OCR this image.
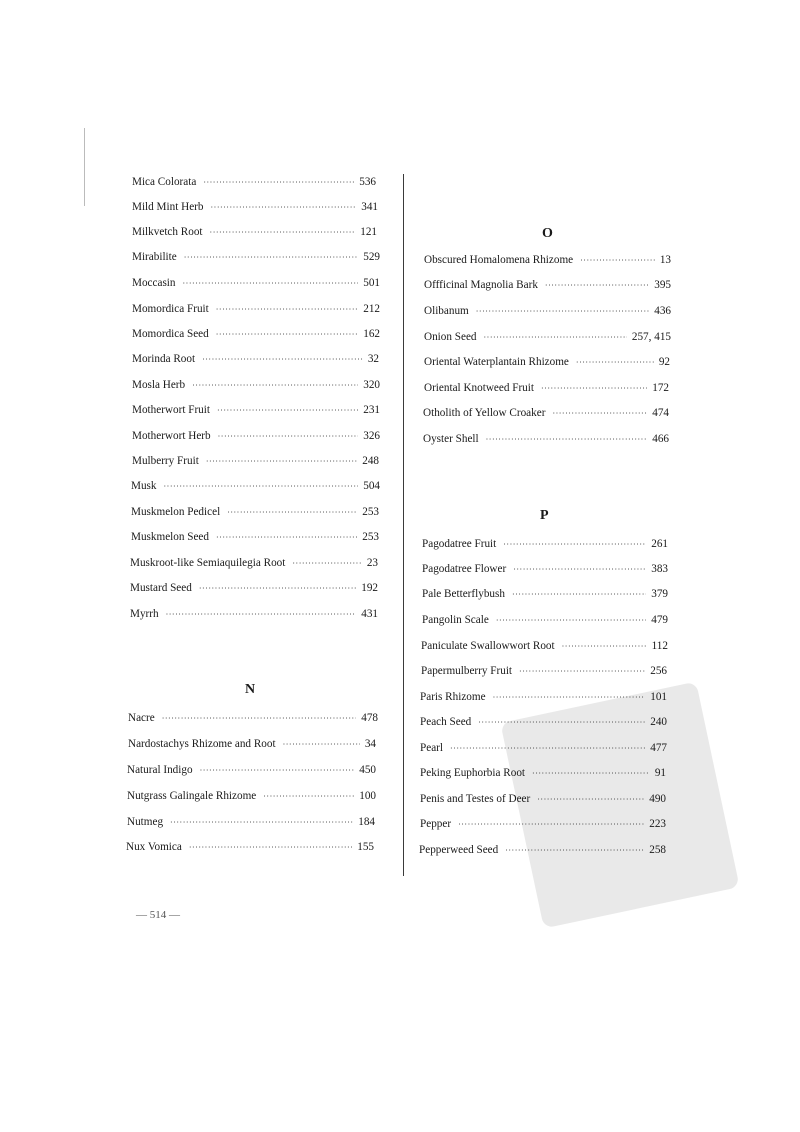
Mica Colorata ·····	536
Mild Mint Herb ·····	341
Milkvetch Root ·····	121
Mirabilite ·····	529
Moccasin ·····	501
Momordica Fruit ·····	212
Momordica Seed ·····	162
Morinda Root ·····	32
Mosla Herb ·····	320
Motherwort Fruit ·····	231
Motherwort Herb ·····	326
Mulberry Fruit ·····	248
Musk ·····	504
Muskmelon Pedicel ·····	253
Muskmelon Seed ·····	253
Muskroot-like Semiaquilegia Root ·····	23
Mustard Seed ·····	192
Myrrh ·····	431
N
Nacre ·····	478
Nardostachys Rhizome and Root ·····	34
Natural Indigo ·····	450
Nutgrass Galingale Rhizome ·····	100
Nutmeg ·····	184
Nux Vomica ·····	155
O
Obscured Homalomena Rhizome ·····	13
Offficinal Magnolia Bark ·····	395
Olibanum ·····	436
Onion Seed ·····	257, 415
Oriental Waterplantain Rhizome ·····	92
Oriental Knotweed Fruit ·····	172
Otholith of Yellow Croaker ·····	474
Oyster Shell ·····	466
P
Pagodatree Fruit ·····	261
Pagodatree Flower ·····	383
Pale Betterflybush ·····	379
Pangolin Scale ·····	479
Paniculate Swallowwort Root ·····	112
Papermulberry Fruit ·····	256
Paris Rhizome ·····	101
Peach Seed ·····	240
Pearl ·····	477
Peking Euphorbia Root ·····	91
Penis and Testes of Deer ·····	490
Pepper ·····	223
Pepperweed Seed ·····	258
— 514 —
